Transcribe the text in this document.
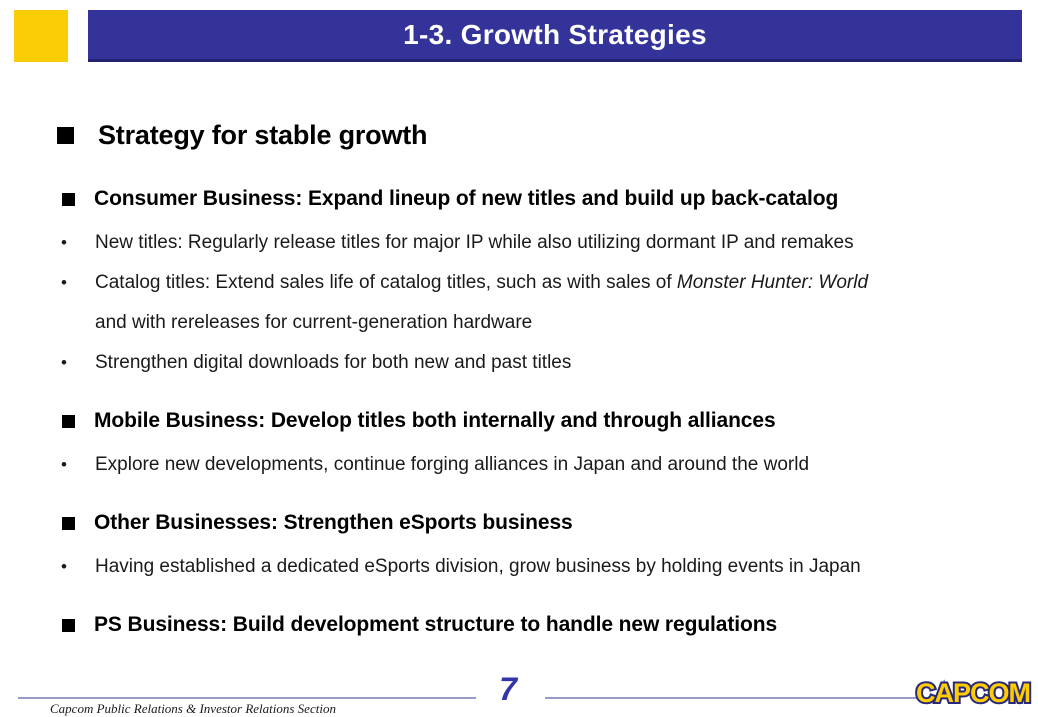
1-3. Growth Strategies
Strategy for stable growth
Consumer Business: Expand lineup of new titles and build up back-catalog
• New titles: Regularly release titles for major IP while also utilizing dormant IP and remakes
• Catalog titles: Extend sales life of catalog titles, such as with sales of Monster Hunter: World
and with rereleases for current-generation hardware
• Strengthen digital downloads for both new and past titles
Mobile Business: Develop titles both internally and through alliances
• Explore new developments, continue forging alliances in Japan and around the world
Other Businesses: Strengthen eSports business
• Having established a dedicated eSports division, grow business by holding events in Japan
PS Business: Build development structure to handle new regulations
Capcom Public Relations & Investor Relations Section
7	CAPCOM
